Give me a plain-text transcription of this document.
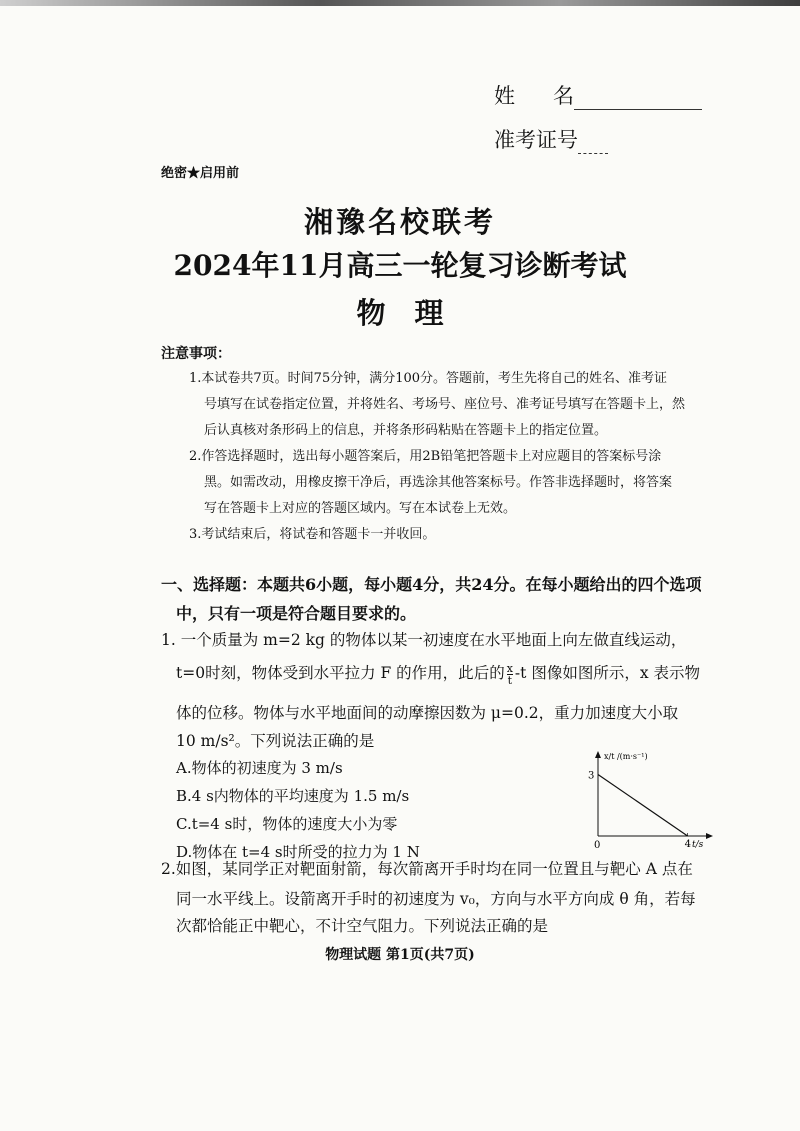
姓 名
准考证号
绝密★启用前
湘豫名校联考
2024年11月高三一轮复习诊断考试
物　理
注意事项：
1.本试卷共7页。时间75分钟，满分100分。答题前，考生先将自己的姓名、准考证
号填写在试卷指定位置，并将姓名、考场号、座位号、准考证号填写在答题卡上，然
后认真核对条形码上的信息，并将条形码粘贴在答题卡上的指定位置。
2.作答选择题时，选出每小题答案后，用2B铅笔把答题卡上对应题目的答案标号涂
黑。如需改动，用橡皮擦干净后，再选涂其他答案标号。作答非选择题时，将答案
写在答题卡上对应的答题区域内。写在本试卷上无效。
3.考试结束后，将试卷和答题卡一并收回。
一、选择题：本题共6小题，每小题4分，共24分。在每小题给出的四个选项
中，只有一项是符合题目要求的。
1. 一个质量为 m=2 kg 的物体以某一初速度在水平地面上向左做直线运动，
t=0时刻，物体受到水平拉力 F 的作用，此后的 $\frac{x}{t} -t$ 图像如图所示，x 表示物
体的位移。物体与水平地面间的动摩擦因数为 μ=0.2，重力加速度大小取
10 m/s²。下列说法正确的是
A.物体的初速度为 3 m/s
B.4 s内物体的平均速度为 1.5 m/s
C.t=4 s时，物体的速度大小为零
D.物体在 t=4 s时所受的拉力为 1 N
3
4
0
x/t /(m·s⁻¹)
t/s
2.如图，某同学正对靶面射箭，每次箭离开手时均在同一位置且与靶心 A 点在
同一水平线上。设箭离开手时的初速度为 v₀，方向与水平方向成 θ 角，若每
次都恰能正中靶心，不计空气阻力。下列说法正确的是
物理试题 第1页(共7页)
